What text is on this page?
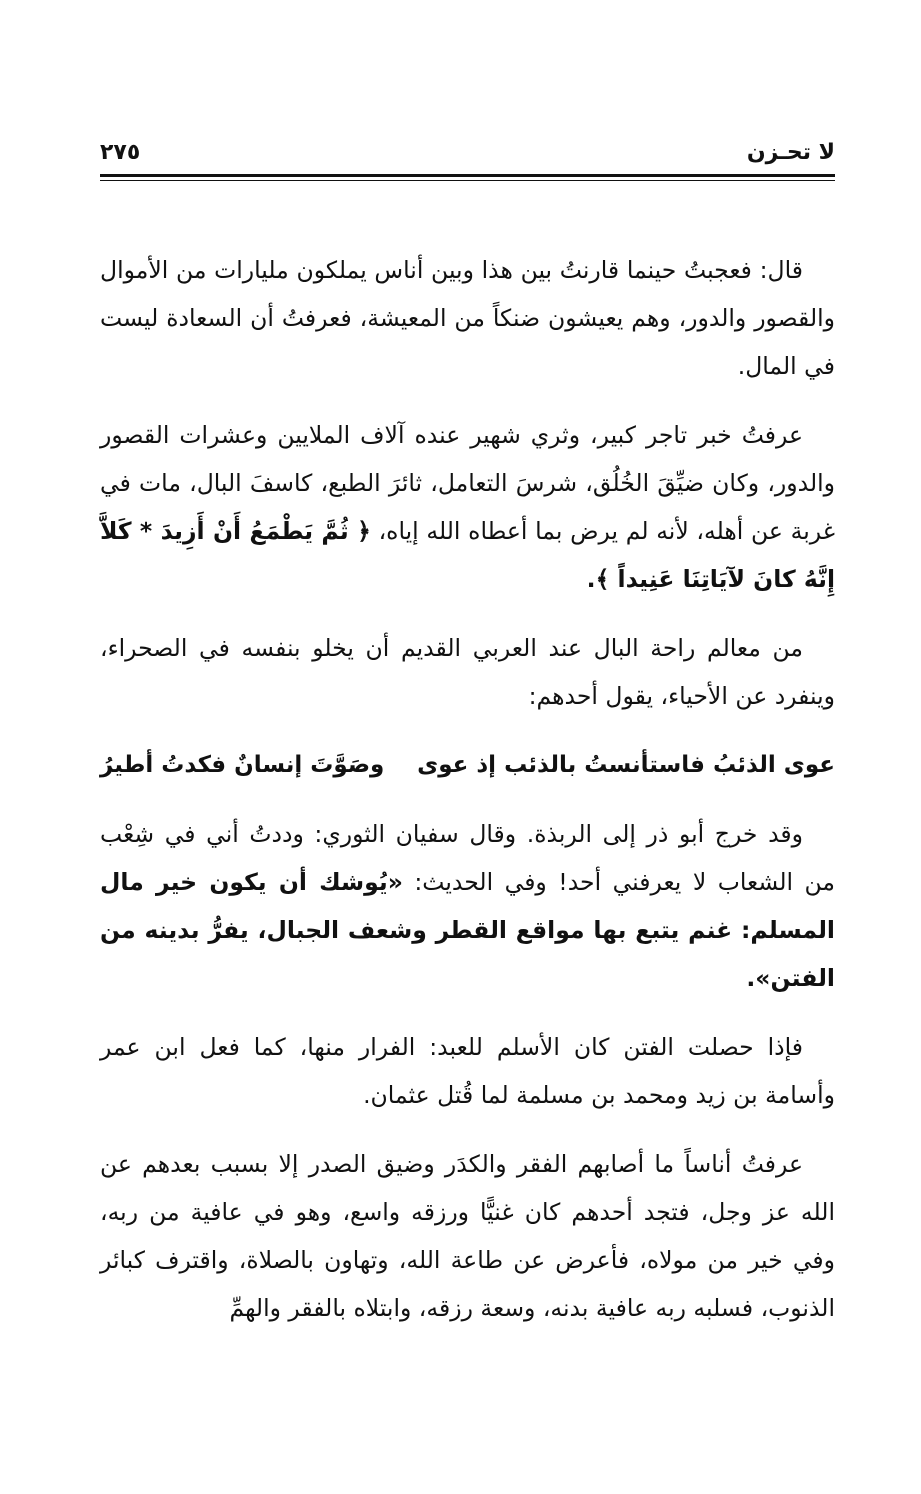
لا تحـزن
٢٧٥

قال: فعجبتُ حينما قارنتُ بين هذا وبين أناس يملكون مليارات من الأموال والقصور والدور، وهم يعيشون ضنكاً من المعيشة، فعرفتُ أن السعادة ليست في المال.

عرفتُ خبر تاجر كبير، وثري شهير عنده آلاف الملايين وعشرات القصور والدور، وكان ضيِّقَ الخُلُق، شرسَ التعامل، ثائرَ الطبع، كاسفَ البال، مات في غربة عن أهله، لأنه لم يرض بما أعطاه الله إياه، ﴿ ثُمَّ يَطْمَعُ أَنْ أَزِيدَ * كَلاَّ إِنَّهُ كانَ لآيَاتِنَا عَنِيداً ﴾.

من معالم راحة البال عند العربي القديم أن يخلو بنفسه في الصحراء، وينفرد عن الأحياء، يقول أحدهم:

عوى الذئبُ فاستأنستُ بالذئب إذ عوى
وصَوَّتَ إنسانٌ فكدتُ أطيرُ

وقد خرج أبو ذر إلى الربذة. وقال سفيان الثوري: وددتُ أني في شِعْب من الشعاب لا يعرفني أحد! وفي الحديث: «يُوشك أن يكون خير مال المسلم: غنم يتبع بها مواقع القطر وشعف الجبال، يفرُّ بدينه من الفتن».

فإذا حصلت الفتن كان الأسلم للعبد: الفرار منها، كما فعل ابن عمر وأسامة بن زيد ومحمد بن مسلمة لما قُتل عثمان.

عرفتُ أناساً ما أصابهم الفقر والكدَر وضيق الصدر إلا بسبب بعدهم عن الله عز وجل، فتجد أحدهم كان غنيًّا ورزقه واسع، وهو في عافية من ربه، وفي خير من مولاه، فأعرض عن طاعة الله، وتهاون بالصلاة، واقترف كبائر الذنوب، فسلبه ربه عافية بدنه، وسعة رزقه، وابتلاه بالفقر والهمِّ
